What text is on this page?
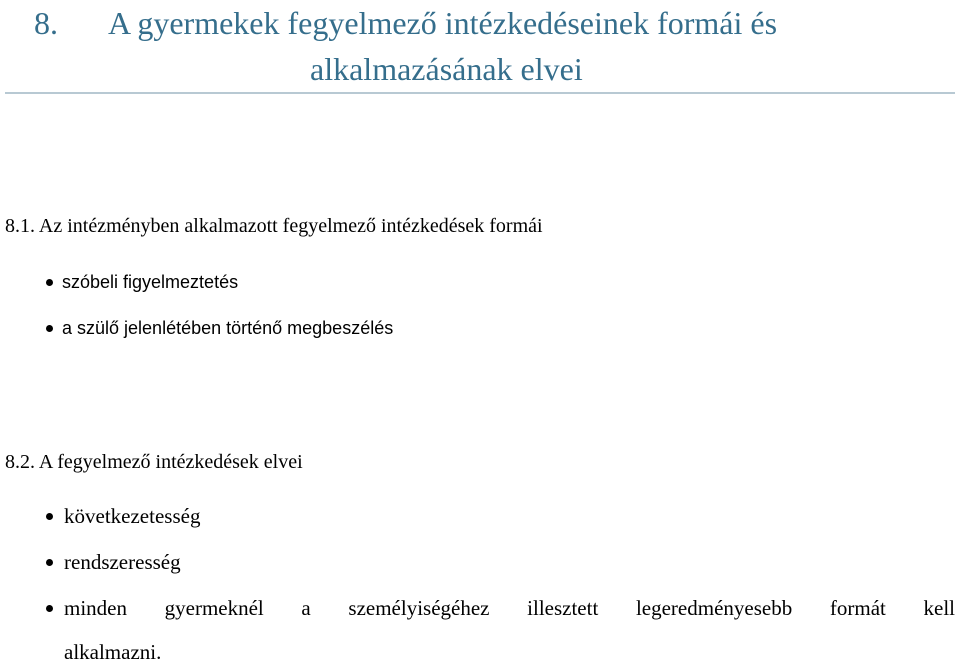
8. A gyermekek fegyelmező intézkedéseinek formái és
alkalmazásának elvei
8.1. Az intézményben alkalmazott fegyelmező intézkedések formái
szóbeli figyelmeztetés
a szülő jelenlétében történő megbeszélés
8.2. A fegyelmező intézkedések elvei
következetesség
rendszeresség
minden gyermeknél a személyiségéhez illesztett legeredményesebb formát kell
alkalmazni.
